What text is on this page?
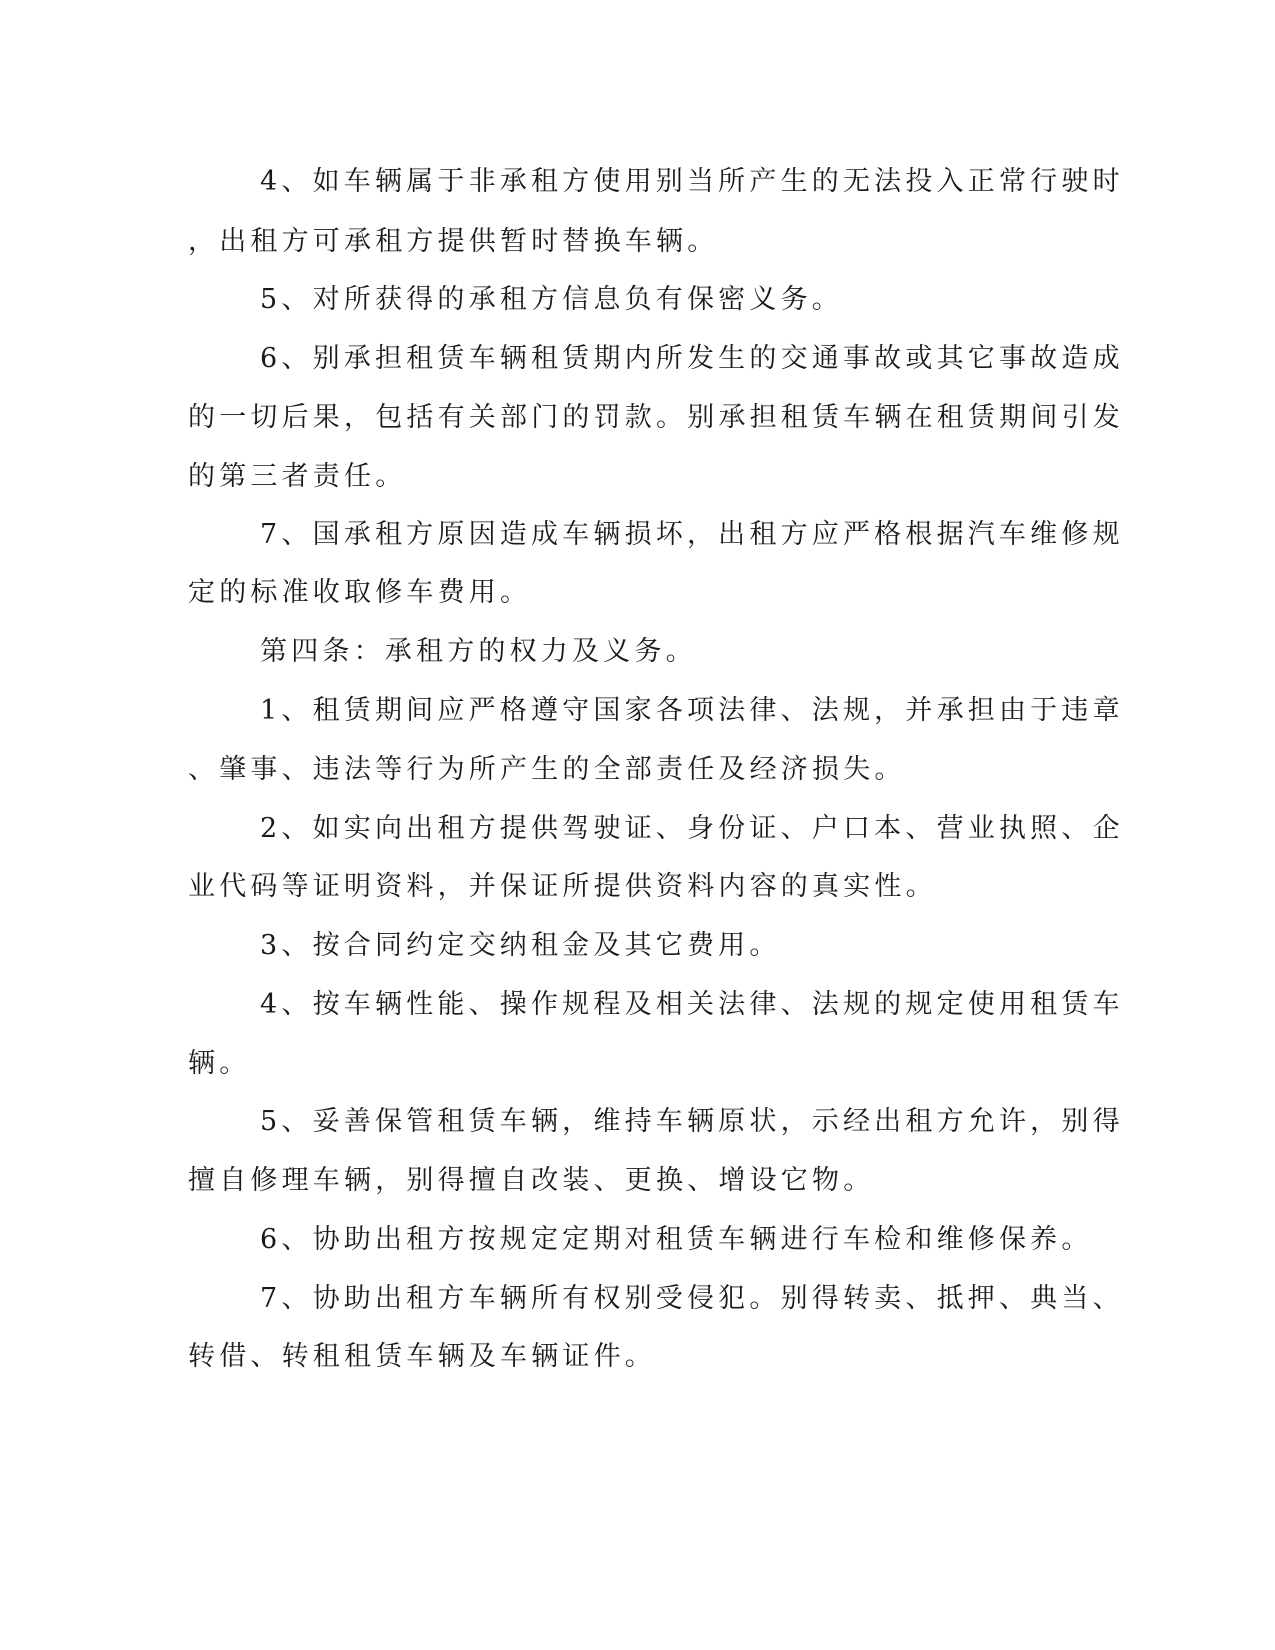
4、如车辆属于非承租方使用别当所产生的无法投入正常行驶时
，出租方可承租方提供暂时替换车辆。
5、对所获得的承租方信息负有保密义务。
6、别承担租赁车辆租赁期内所发生的交通事故或其它事故造成
的一切后果，包括有关部门的罚款。别承担租赁车辆在租赁期间引发
的第三者责任。
7、国承租方原因造成车辆损坏，出租方应严格根据汽车维修规
定的标准收取修车费用。
第四条：承租方的权力及义务。
1、租赁期间应严格遵守国家各项法律、法规，并承担由于违章
、肇事、违法等行为所产生的全部责任及经济损失。
2、如实向出租方提供驾驶证、身份证、户口本、营业执照、企
业代码等证明资料，并保证所提供资料内容的真实性。
3、按合同约定交纳租金及其它费用。
4、按车辆性能、操作规程及相关法律、法规的规定使用租赁车
辆。
5、妥善保管租赁车辆，维持车辆原状，示经出租方允许，别得
擅自修理车辆，别得擅自改装、更换、增设它物。
6、协助出租方按规定定期对租赁车辆进行车检和维修保养。
7、协助出租方车辆所有权别受侵犯。别得转卖、抵押、典当、
转借、转租租赁车辆及车辆证件。
